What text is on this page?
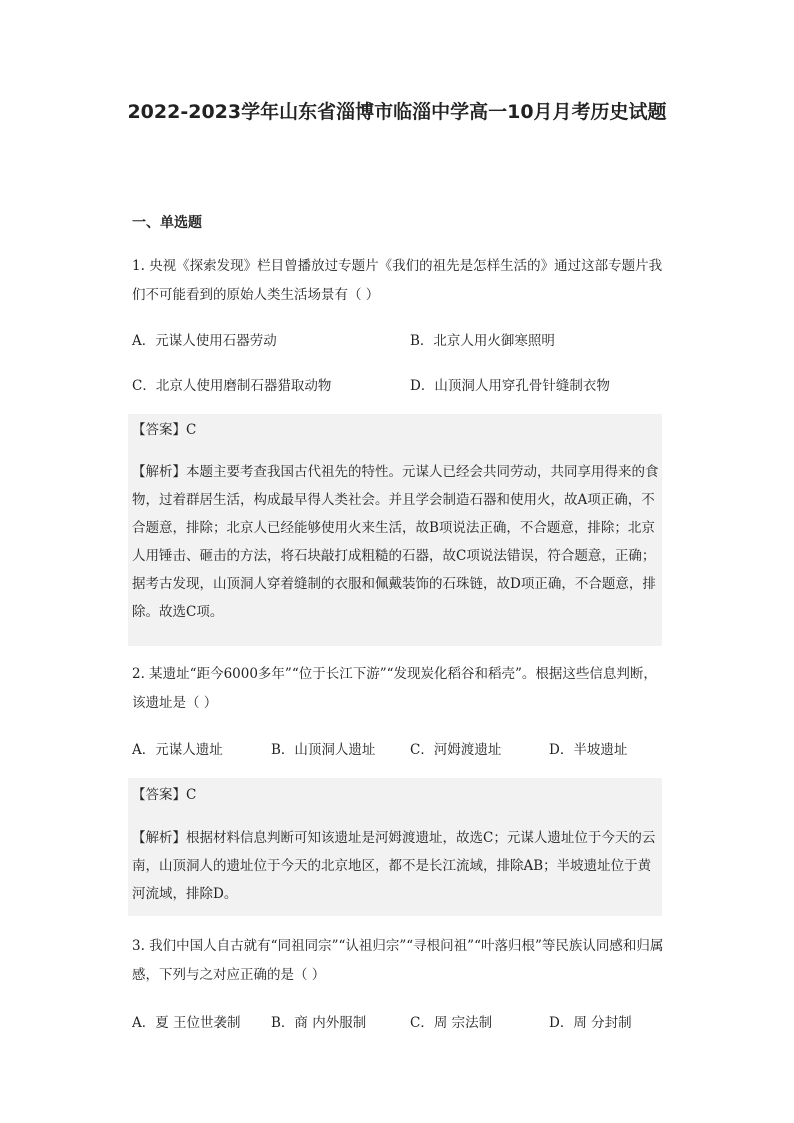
2022-2023学年山东省淄博市临淄中学高一10月月考历史试题
一、单选题

1. 央视《探索发现》栏目曾播放过专题片《我们的祖先是怎样生活的》通过这部专题片我们不可能看到的原始人类生活场景有（ ）

A．元谋人使用石器劳动	B．北京人用火御寒照明
C．北京人使用磨制石器猎取动物	D．山顶洞人用穿孔骨针缝制衣物
【答案】C

【解析】本题主要考查我国古代祖先的特性。元谋人已经会共同劳动，共同享用得来的食物，过着群居生活，构成最早得人类社会。并且学会制造石器和使用火，故A项正确，不合题意，排除；北京人已经能够使用火来生活，故B项说法正确，不合题意，排除；北京人用锤击、砸击的方法，将石块敲打成粗糙的石器，故C项说法错误，符合题意，正确；据考古发现，山顶洞人穿着缝制的衣服和佩戴装饰的石珠链，故D项正确，不合题意，排除。故选C项。

2. 某遗址“距今6000多年”“位于长江下游”“发现炭化稻谷和稻壳”。根据这些信息判断，该遗址是（ ）

A．元谋人遗址	B．山顶洞人遗址	C．河姆渡遗址	D．半坡遗址
【答案】C

【解析】根据材料信息判断可知该遗址是河姆渡遗址，故选C；元谋人遗址位于今天的云南，山顶洞人的遗址位于今天的北京地区，都不是长江流域，排除AB；半坡遗址位于黄河流域，排除D。

3. 我们中国人自古就有“同祖同宗”“认祖归宗”“寻根问祖”“叶落归根”等民族认同感和归属感，下列与之对应正确的是（ ）

A．夏 王位世袭制 B．商 内外服制	C．周 宗法制	D．周 分封制
